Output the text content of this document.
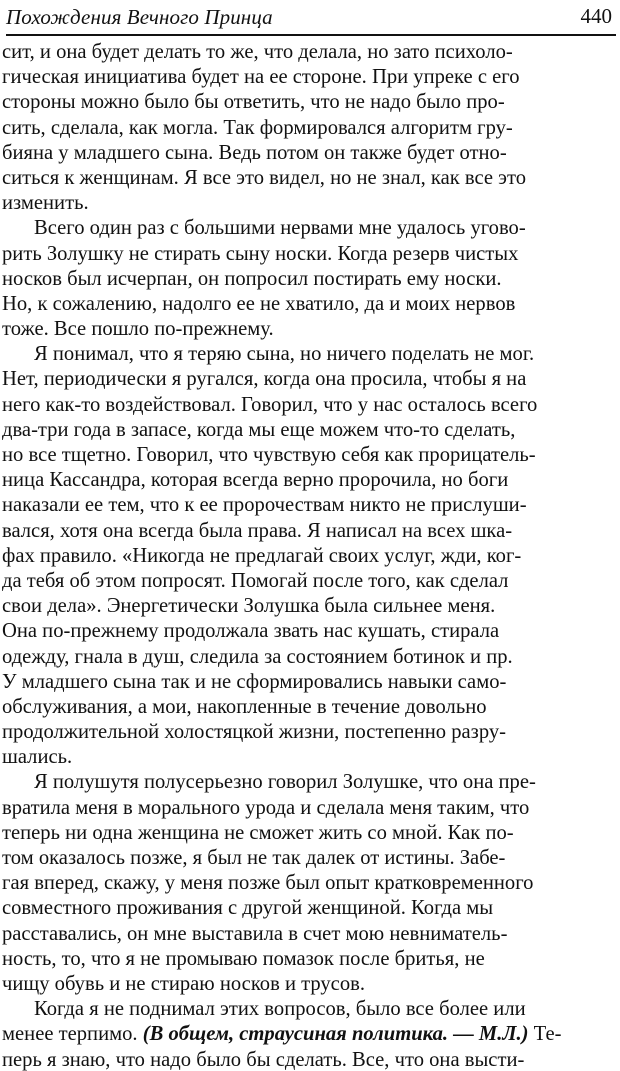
Похождения Вечного Принца	440
сит, и она будет делать то же, что делала, но зато психоло-
гическая инициатива будет на ее стороне. При упреке с его
стороны можно было бы ответить, что не надо было про-
сить, сделала, как могла. Так формировался алгоритм гру-
бияна у младшего сына. Ведь потом он также будет отно-
ситься к женщинам. Я все это видел, но не знал, как все это
изменить.
Всего один раз с большими нервами мне удалось угово-
рить Золушку не стирать сыну носки. Когда резерв чистых
носков был исчерпан, он попросил постирать ему носки.
Но, к сожалению, надолго ее не хватило, да и моих нервов
тоже. Все пошло по-прежнему.
Я понимал, что я теряю сына, но ничего поделать не мог.
Нет, периодически я ругался, когда она просила, чтобы я на
него как-то воздействовал. Говорил, что у нас осталось всего
два-три года в запасе, когда мы еще можем что-то сделать,
но все тщетно. Говорил, что чувствую себя как прорицатель-
ница Кассандра, которая всегда верно пророчила, но боги
наказали ее тем, что к ее пророчествам никто не прислуши-
вался, хотя она всегда была права. Я написал на всех шка-
фах правило. «Никогда не предлагай своих услуг, жди, ког-
да тебя об этом попросят. Помогай после того, как сделал
свои дела». Энергетически Золушка была сильнее меня.
Она по-прежнему продолжала звать нас кушать, стирала
одежду, гнала в душ, следила за состоянием ботинок и пр.
У младшего сына так и не сформировались навыки само-
обслуживания, а мои, накопленные в течение довольно
продолжительной холостяцкой жизни, постепенно разру-
шались.
Я полушутя полусерьезно говорил Золушке, что она пре-
вратила меня в морального урода и сделала меня таким, что
теперь ни одна женщина не сможет жить со мной. Как по-
том оказалось позже, я был не так далек от истины. Забе-
гая вперед, скажу, у меня позже был опыт кратковременного
совместного проживания с другой женщиной. Когда мы
расставались, он мне выставила в счет мою невниматель-
ность, то, что я не промываю помазок после бритья, не
чищу обувь и не стираю носков и трусов.
Когда я не поднимал этих вопросов, было все более или
менее терпимо. (В общем, страусиная политика. — М.Л.) Те-
перь я знаю, что надо было бы сделать. Все, что она высти-
